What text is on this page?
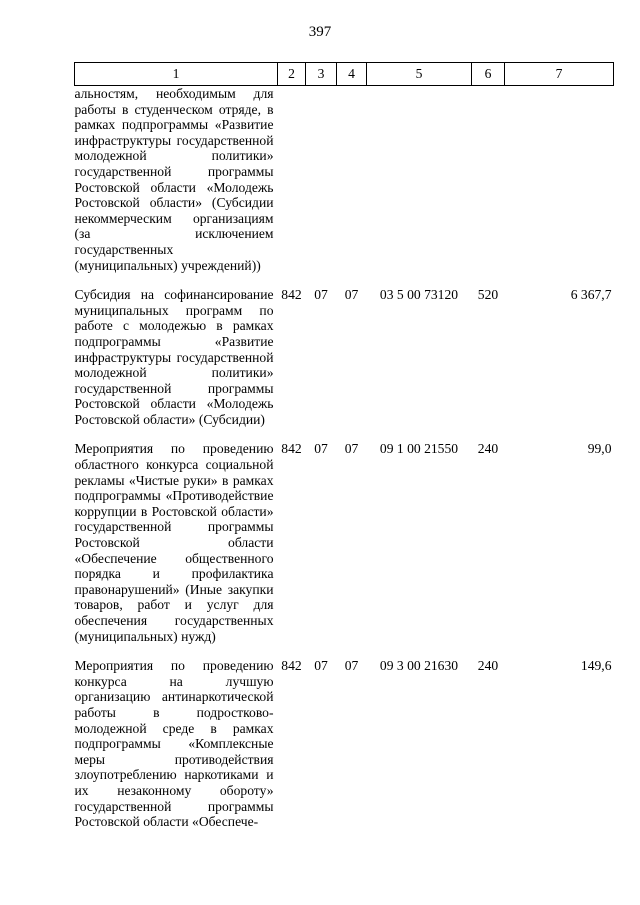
397
1	2	3	4	5	6	7
альностям, необходимым для работы в студенческом отряде, в рамках подпрограммы «Развитие инфраструктуры государственной молодежной политики» государственной программы Ростовской области «Молодежь Ростовской области» (Субсидии некоммерческим организациям (за исключением государственных (муниципальных) учреждений))						
Субсидия на софинансирование муниципальных программ по работе с молодежью в рамках подпрограммы «Развитие инфраструктуры государственной молодежной политики» государственной программы Ростовской области «Молодежь Ростовской области» (Субсидии)	842	07	07	03 5 00 73120	520	6 367,7
Мероприятия по проведению областного конкурса социальной рекламы «Чистые руки» в рамках подпрограммы «Противодействие коррупции в Ростовской области» государственной программы Ростовской области «Обеспечение общественного порядка и профилактика правонарушений» (Иные закупки товаров, работ и услуг для обеспечения государственных (муниципальных) нужд)	842	07	07	09 1 00 21550	240	99,0
Мероприятия по проведению конкурса на лучшую организацию антинаркотической работы в подростково-молодежной среде в рамках подпрограммы «Комплексные меры противодействия злоупотреблению наркотиками и их незаконному обороту» государственной программы Ростовской области «Обеспече-	842	07	07	09 3 00 21630	240	149,6
